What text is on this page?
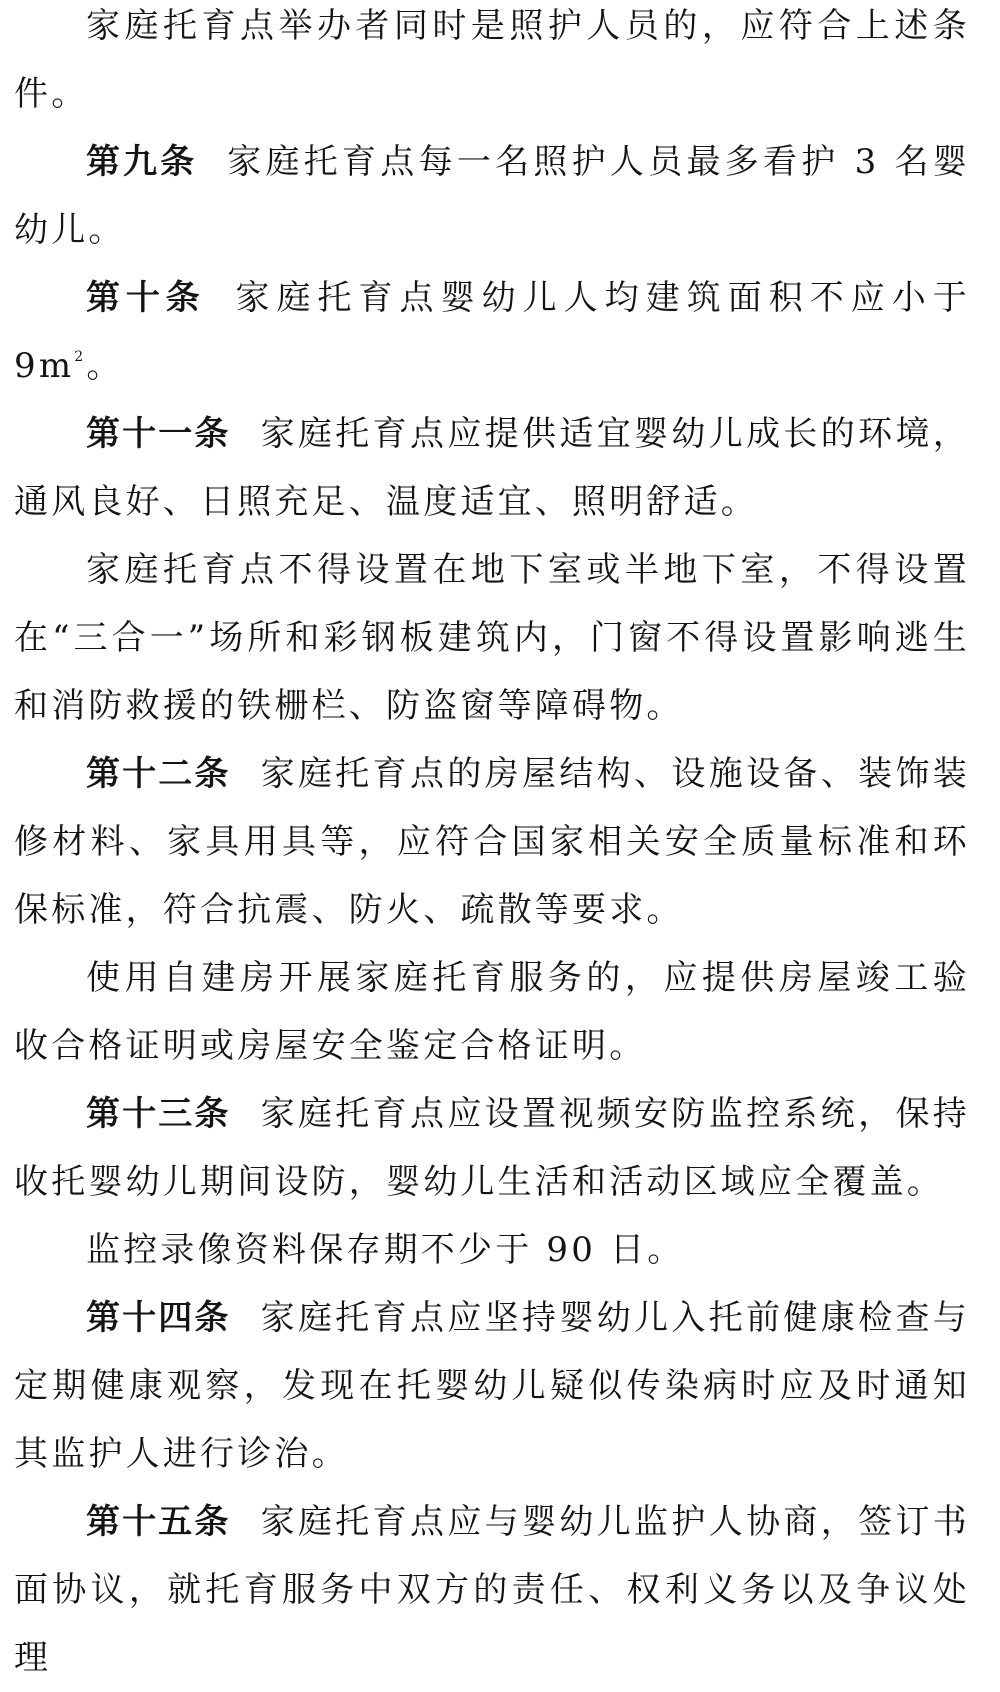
家庭托育点举办者同时是照护人员的，应符合上述条件。

第九条 家庭托育点每一名照护人员最多看护 3 名婴幼儿。

第十条 家庭托育点婴幼儿人均建筑面积不应小于 $9m^2$。

第十一条 家庭托育点应提供适宜婴幼儿成长的环境，通风良好、日照充足、温度适宜、照明舒适。

家庭托育点不得设置在地下室或半地下室，不得设置在“三合一”场所和彩钢板建筑内，门窗不得设置影响逃生和消防救援的铁栅栏、防盗窗等障碍物。

第十二条 家庭托育点的房屋结构、设施设备、装饰装修材料、家具用具等，应符合国家相关安全质量标准和环保标准，符合抗震、防火、疏散等要求。

使用自建房开展家庭托育服务的，应提供房屋竣工验收合格证明或房屋安全鉴定合格证明。

第十三条 家庭托育点应设置视频安防监控系统，保持收托婴幼儿期间设防，婴幼儿生活和活动区域应全覆盖。

监控录像资料保存期不少于 90 日。

第十四条 家庭托育点应坚持婴幼儿入托前健康检查与定期健康观察，发现在托婴幼儿疑似传染病时应及时通知其监护人进行诊治。

第十五条 家庭托育点应与婴幼儿监护人协商，签订书面协议，就托育服务中双方的责任、权利义务以及争议处理
